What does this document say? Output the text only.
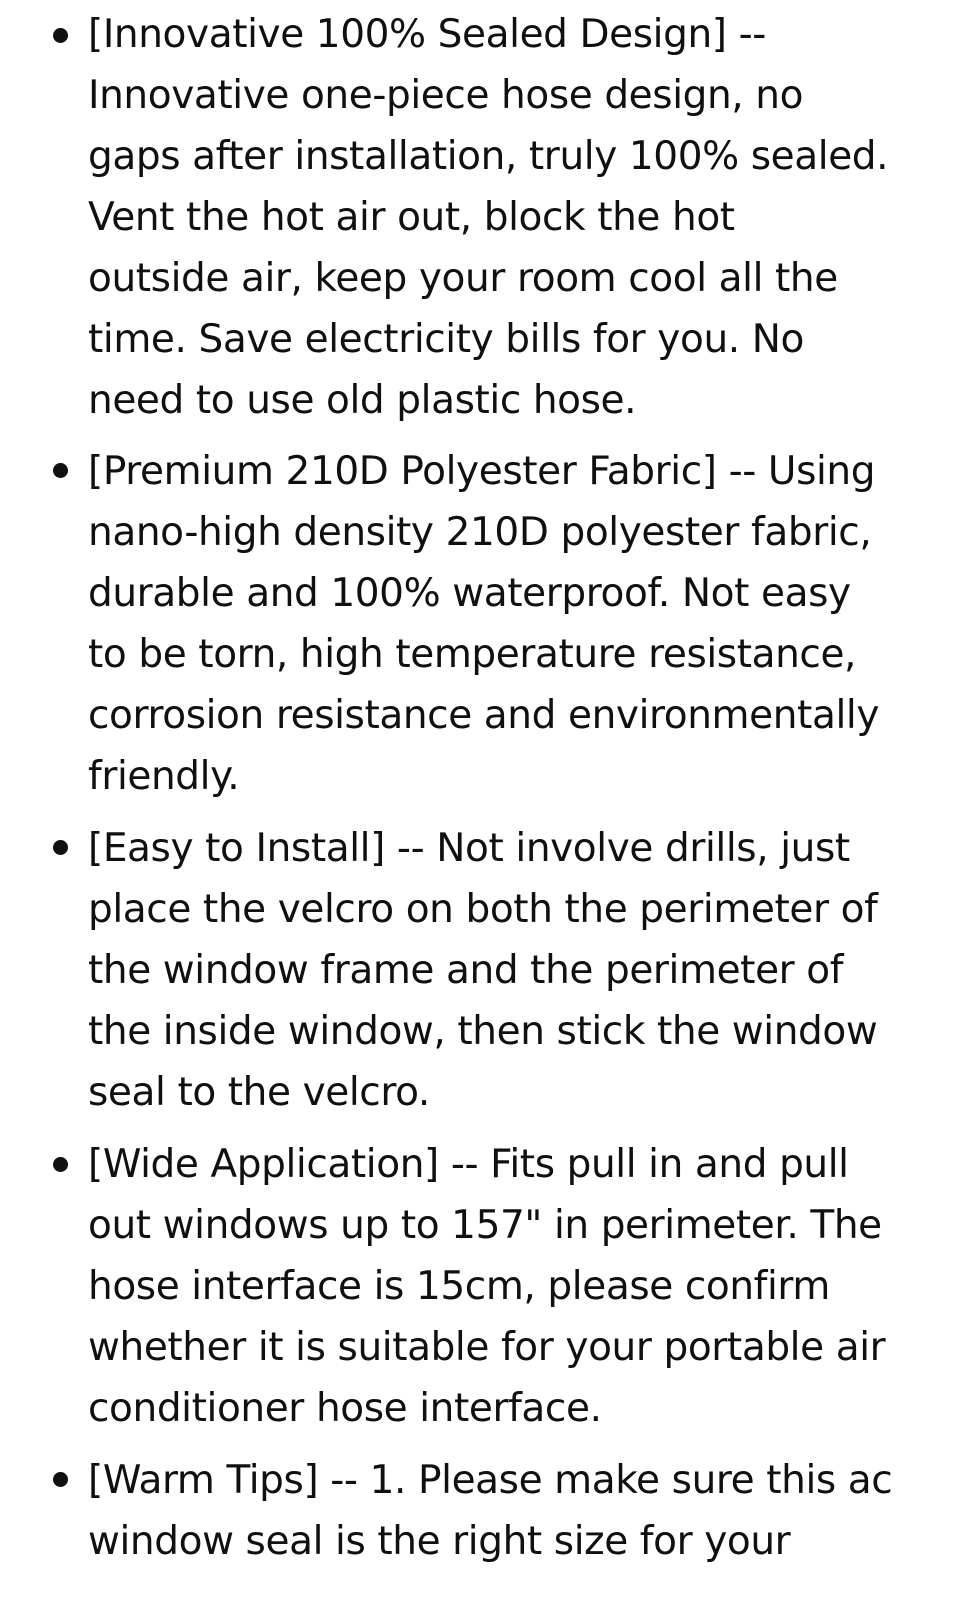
[Innovative 100% Sealed Design] --
Innovative one-piece hose design, no
gaps after installation, truly 100% sealed.
Vent the hot air out, block the hot
outside air, keep your room cool all the
time. Save electricity bills for you. No
need to use old plastic hose.

[Premium 210D Polyester Fabric] -- Using
nano-high density 210D polyester fabric,
durable and 100% waterproof. Not easy
to be torn, high temperature resistance,
corrosion resistance and environmentally
friendly.

[Easy to Install] -- Not involve drills, just
place the velcro on both the perimeter of
the window frame and the perimeter of
the inside window, then stick the window
seal to the velcro.

[Wide Application] -- Fits pull in and pull
out windows up to 157" in perimeter. The
hose interface is 15cm, please confirm
whether it is suitable for your portable air
conditioner hose interface.

[Warm Tips] -- 1. Please make sure this ac
window seal is the right size for your
